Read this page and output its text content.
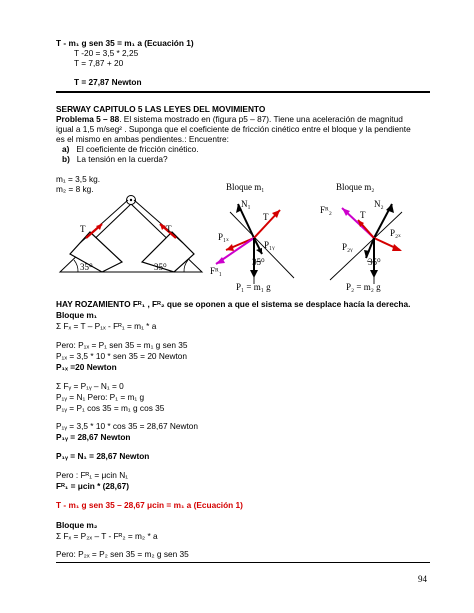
T - m₁ g sen 35 = m₁ a (Ecuación 1)
T -20 = 3,5 * 2,25
T = 7,87 + 20
T = 27,87 Newton
SERWAY CAPITULO 5 LAS LEYES DEL MOVIMIENTO
Problema 5 – 88. El sistema mostrado en (figura p5 – 87). Tiene una aceleración de magnitud
igual a 1,5 m/seg² . Suponga que el coeficiente de fricción cinético entre el bloque y la pendiente
es el mismo en ambas pendientes.: Encuentre:
a) El coeficiente de fricción cinético.
b) La tensión en la cuerda?
m₁ = 3,5 kg.
m₂ = 8 kg.
T	T
35⁰	35⁰
Bloque m₁
N₁
T
P₁ₓ
P₁ᵧ
Fᴿ₁
35⁰
P₁ = m₁ g
Bloque m₂
Fᴿ₂
N₂
T
P₂ₓ
P₂ᵧ
35⁰
P₂ = m₂ g
HAY ROZAMIENTO Fᴿ₁ , Fᴿ₂ que se oponen a que el sistema se desplace hacía la derecha.
Bloque m₁
Σ Fₓ = T – P₁ₓ - Fᴿ₁ = m₁ * a
Pero: P₁ₓ = P₁ sen 35 = m₁ g sen 35
P₁ₓ = 3,5 * 10 * sen 35 = 20 Newton
P₁ₓ =20 Newton
Σ Fᵧ = P₁ᵧ – N₁ = 0
P₁ᵧ = N₁ Pero: P₁ = m₁ g
P₁ᵧ = P₁ cos 35 = m₁ g cos 35
P₁ᵧ = 3,5 * 10 * cos 35 = 28,67 Newton
P₁ᵧ = 28,67 Newton
P₁ᵧ = N₁ = 28,67 Newton
Pero : Fᴿ₁ = μcin N₁
Fᴿ₁ = μcin * (28,67)
T - m₁ g sen 35 – 28,67 μcin = m₁ a (Ecuación 1)
Bloque m₂
Σ Fₓ = P₂ₓ – T - Fᴿ₂ = m₂ * a
Pero: P₂ₓ = P₂ sen 35 = m₂ g sen 35
94
